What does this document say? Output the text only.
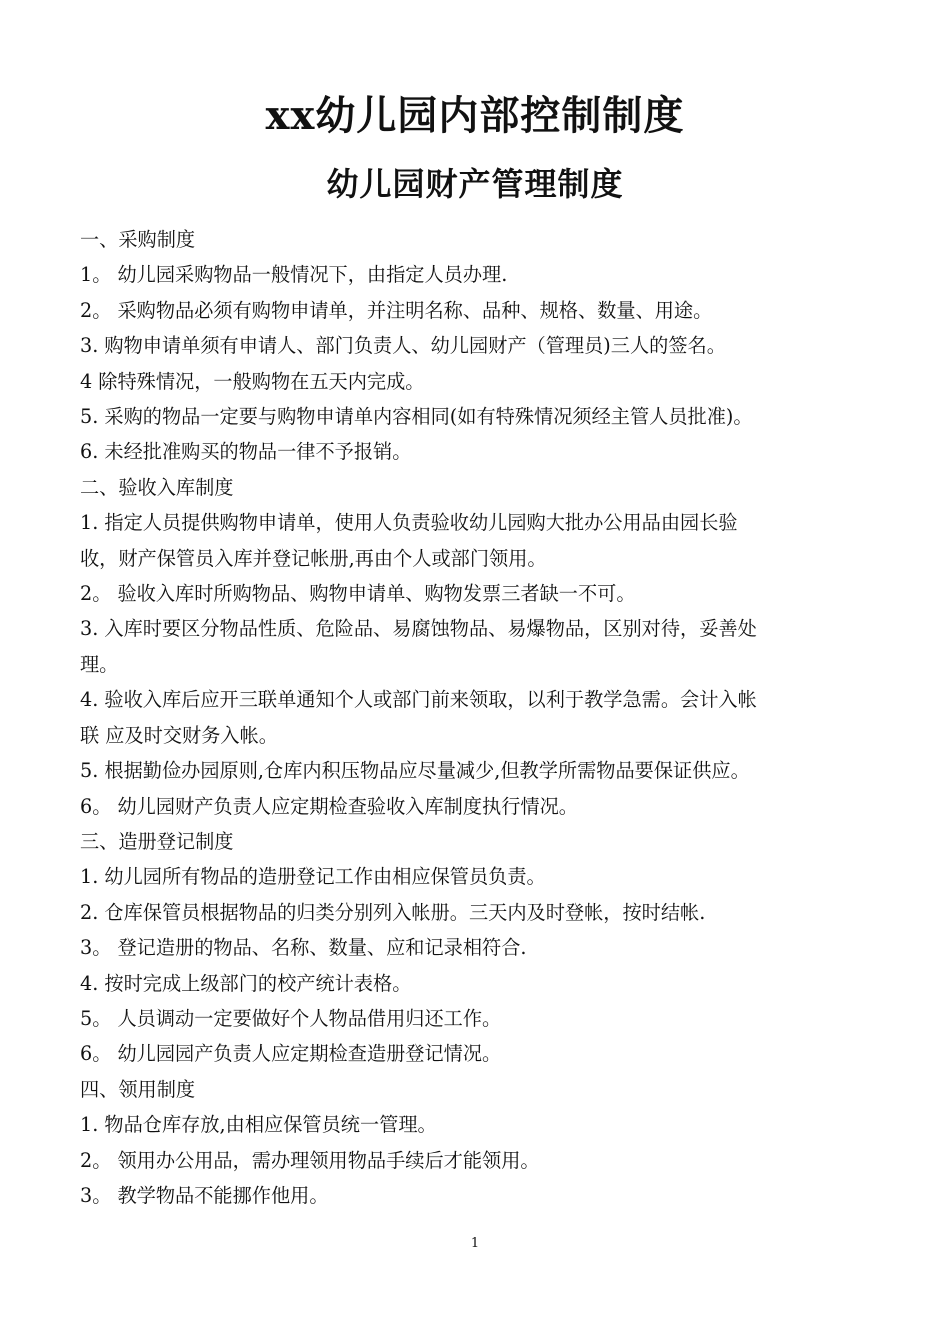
xx幼儿园内部控制制度
幼儿园财产管理制度

一、采购制度

1。 幼儿园采购物品一般情况下，由指定人员办理.

2。 采购物品必须有购物申请单，并注明名称、品种、规格、数量、用途。

3. 购物申请单须有申请人、部门负责人、幼儿园财产（管理员)三人的签名。

4 除特殊情况，一般购物在五天内完成。

5. 采购的物品一定要与购物申请单内容相同(如有特殊情况须经主管人员批准)。

6. 未经批准购买的物品一律不予报销。

二、验收入库制度

1. 指定人员提供购物申请单，使用人负责验收幼儿园购大批办公用品由园长验

收，财产保管员入库并登记帐册,再由个人或部门领用。

2。 验收入库时所购物品、购物申请单、购物发票三者缺一不可。

3. 入库时要区分物品性质、危险品、易腐蚀物品、易爆物品，区别对待，妥善处

理。

4. 验收入库后应开三联单通知个人或部门前来领取，以利于教学急需。会计入帐

联 应及时交财务入帐。

5. 根据勤俭办园原则,仓库内积压物品应尽量减少,但教学所需物品要保证供应。

6。 幼儿园财产负责人应定期检查验收入库制度执行情况。

三、造册登记制度

1. 幼儿园所有物品的造册登记工作由相应保管员负责。

2. 仓库保管员根据物品的归类分别列入帐册。三天内及时登帐，按时结帐.

3。 登记造册的物品、名称、数量、应和记录相符合.

4. 按时完成上级部门的校产统计表格。

5。 人员调动一定要做好个人物品借用归还工作。

6。 幼儿园园产负责人应定期检查造册登记情况。

四、领用制度

1. 物品仓库存放,由相应保管员统一管理。

2。 领用办公用品，需办理领用物品手续后才能领用。

3。 教学物品不能挪作他用。

1
